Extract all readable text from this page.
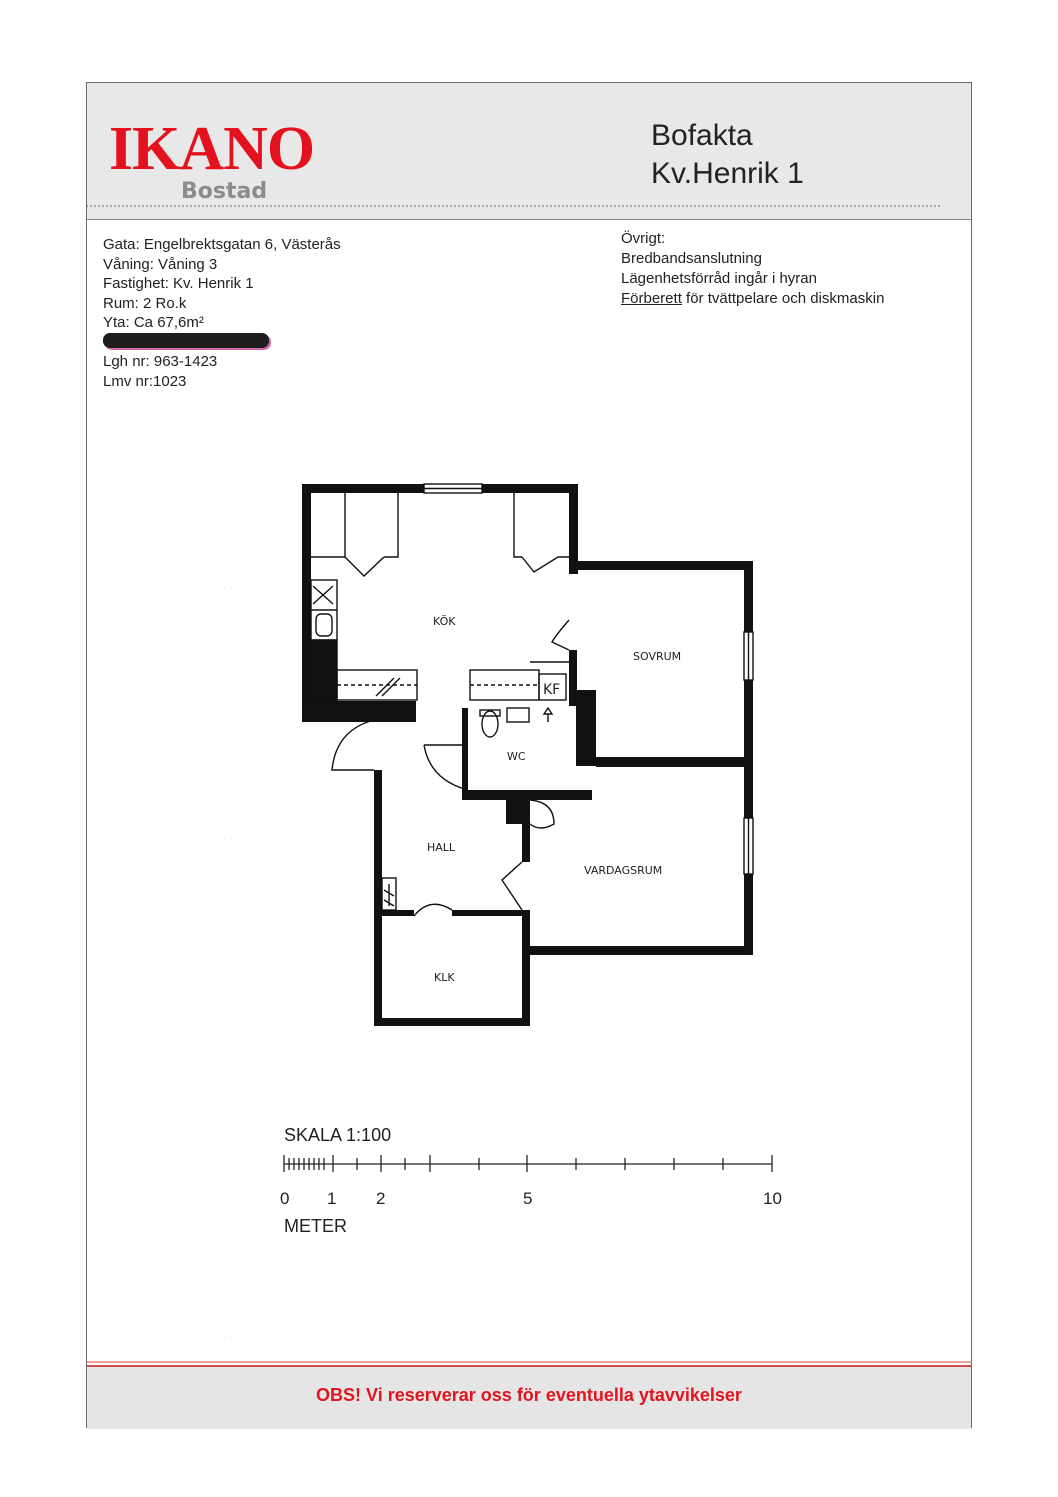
IKANO
Bostad
Bofakta
Kv.Henrik 1
Gata: Engelbrektsgatan 6, Västerås
Våning: Våning 3
Fastighet: Kv. Henrik 1
Rum: 2 Ro.k
Yta: Ca 67,6m²
Lgh nr: 963-1423
Lmv nr:1023
Övrigt:
Bredbandsanslutning
Lägenhetsförråd ingår i hyran
Förberett för tvättpelare och diskmaskin
SKALA 1:100
0 1 2	5	10
METER
OBS! Vi reserverar oss för eventuella ytavvikelser
· · · · ·
· · · · ·
· · · · ·
· · · · ·
KÖK
SOVRUM
KF
WC
HALL
VARDAGSRUM
KLK
